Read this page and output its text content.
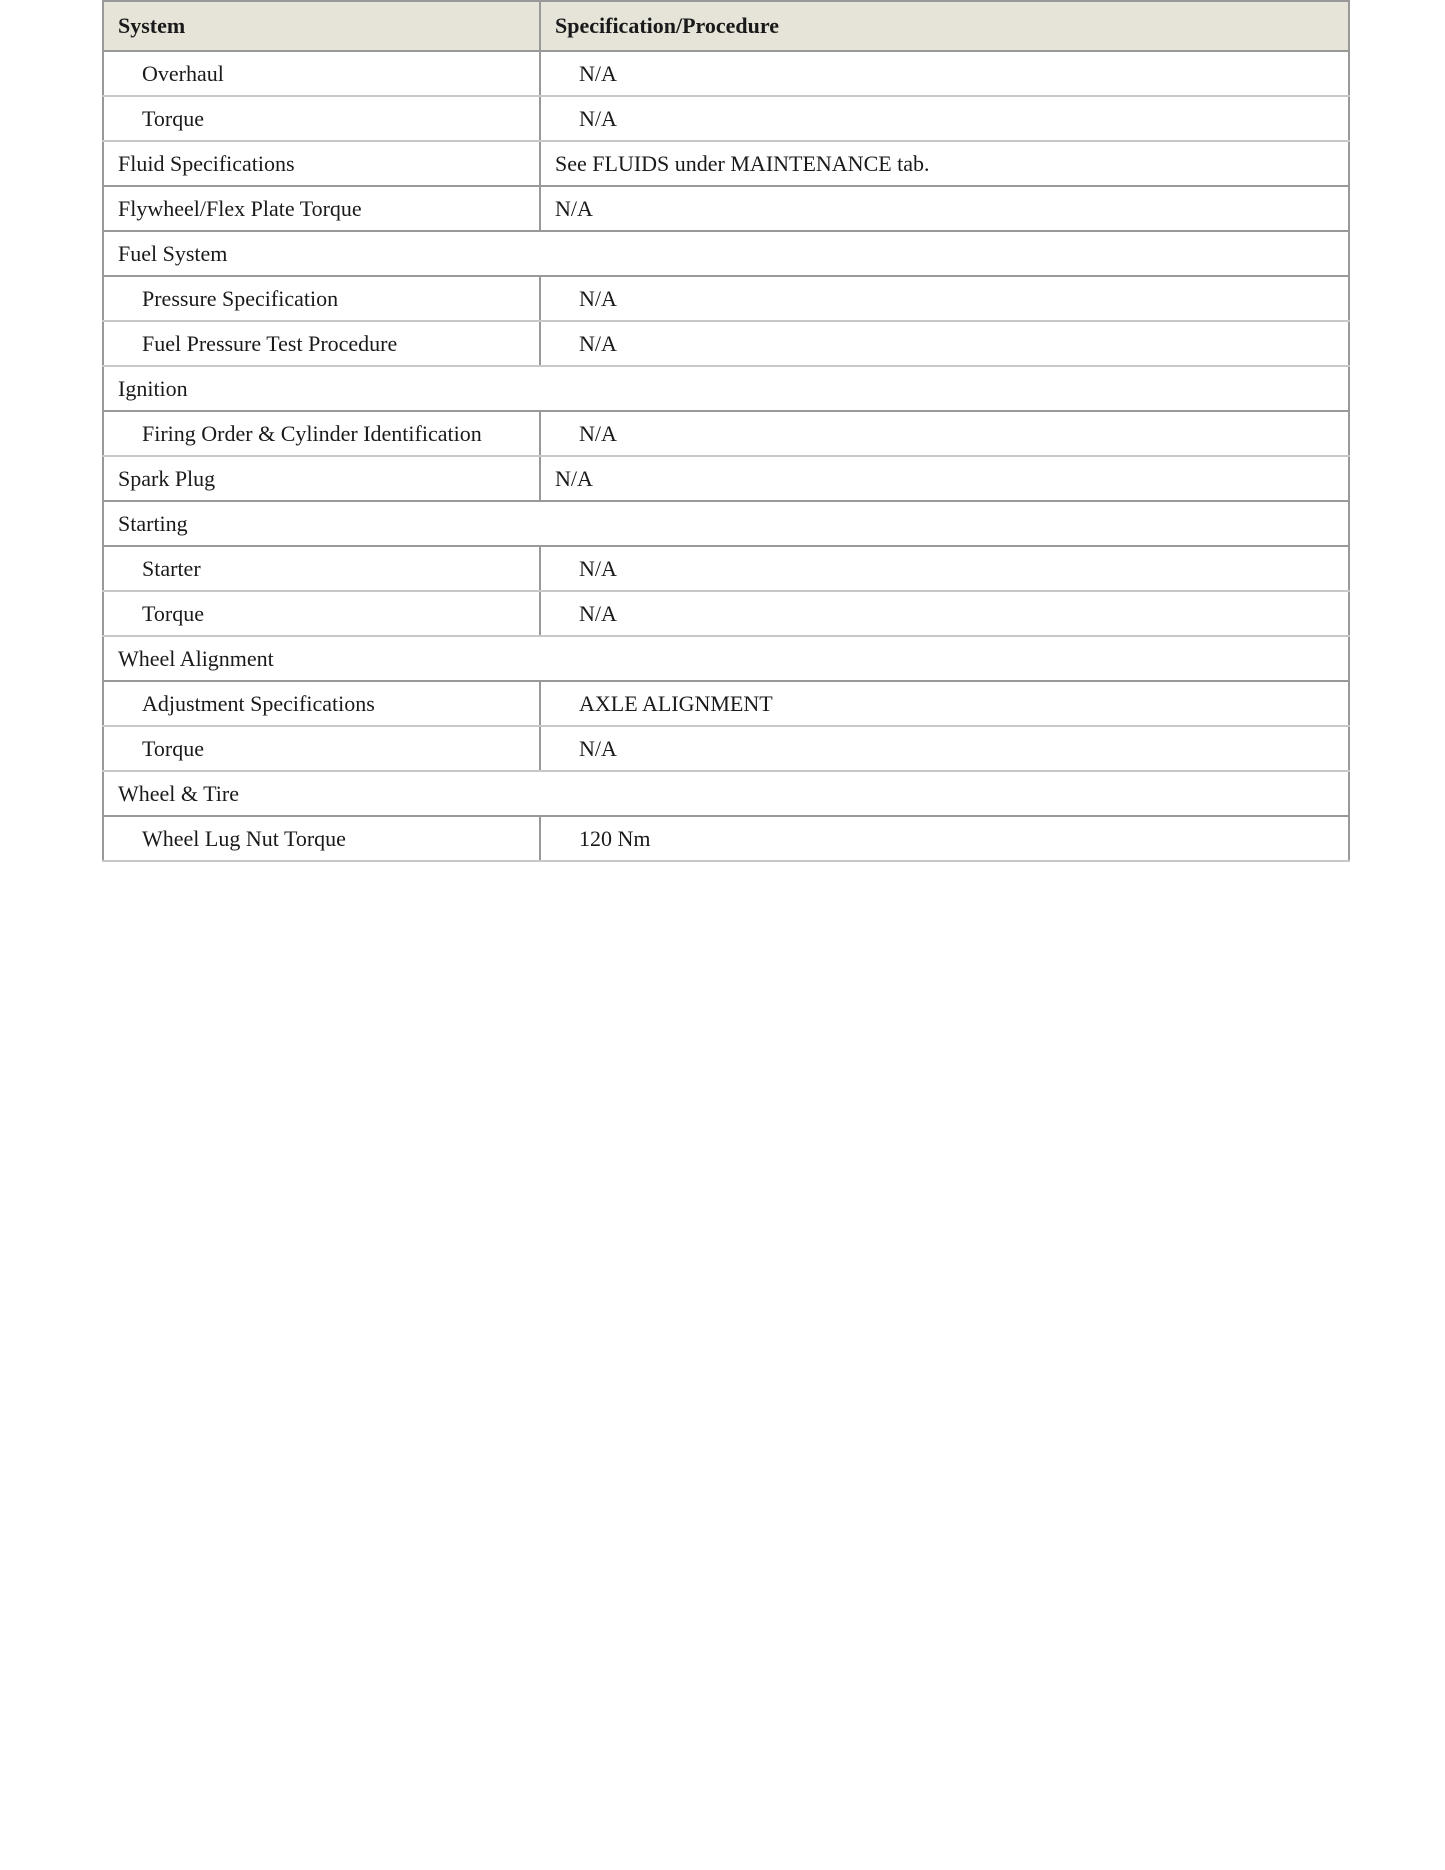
System	Specification/Procedure
Overhaul	N/A
Torque	N/A
Fluid Specifications	See FLUIDS under MAINTENANCE tab.
Flywheel/Flex Plate Torque	N/A
Fuel System	
Pressure Specification	N/A
Fuel Pressure Test Procedure	N/A
Ignition	
Firing Order & Cylinder Identification	N/A
Spark Plug	N/A
Starting	
Starter	N/A
Torque	N/A
Wheel Alignment	
Adjustment Specifications	AXLE ALIGNMENT
Torque	N/A
Wheel & Tire	
Wheel Lug Nut Torque	120 Nm
